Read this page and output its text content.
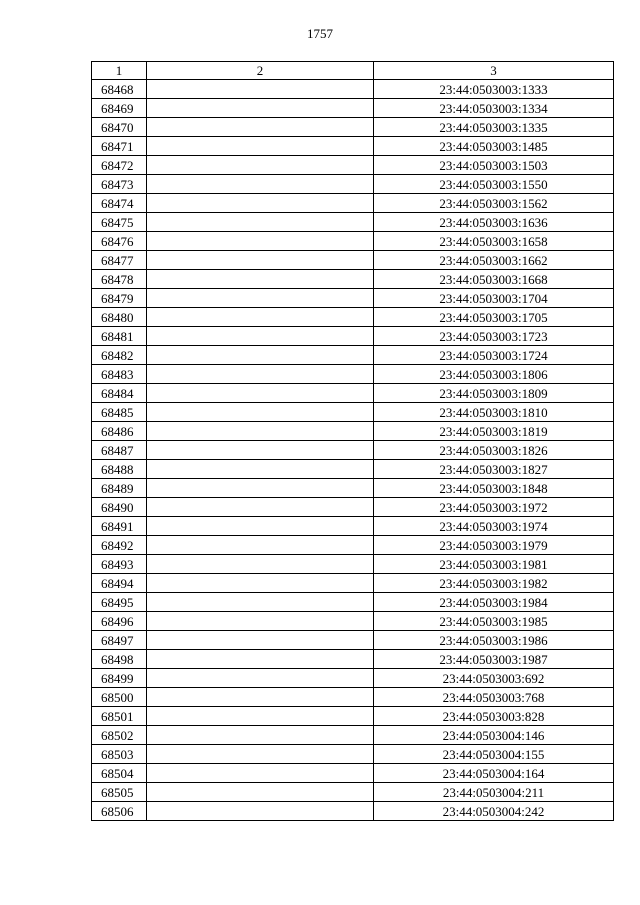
1757
1	2	3
68468		23:44:0503003:1333
68469		23:44:0503003:1334
68470		23:44:0503003:1335
68471		23:44:0503003:1485
68472		23:44:0503003:1503
68473		23:44:0503003:1550
68474		23:44:0503003:1562
68475		23:44:0503003:1636
68476		23:44:0503003:1658
68477		23:44:0503003:1662
68478		23:44:0503003:1668
68479		23:44:0503003:1704
68480		23:44:0503003:1705
68481		23:44:0503003:1723
68482		23:44:0503003:1724
68483		23:44:0503003:1806
68484		23:44:0503003:1809
68485		23:44:0503003:1810
68486		23:44:0503003:1819
68487		23:44:0503003:1826
68488		23:44:0503003:1827
68489		23:44:0503003:1848
68490		23:44:0503003:1972
68491		23:44:0503003:1974
68492		23:44:0503003:1979
68493		23:44:0503003:1981
68494		23:44:0503003:1982
68495		23:44:0503003:1984
68496		23:44:0503003:1985
68497		23:44:0503003:1986
68498		23:44:0503003:1987
68499		23:44:0503003:692
68500		23:44:0503003:768
68501		23:44:0503003:828
68502		23:44:0503004:146
68503		23:44:0503004:155
68504		23:44:0503004:164
68505		23:44:0503004:211
68506		23:44:0503004:242
